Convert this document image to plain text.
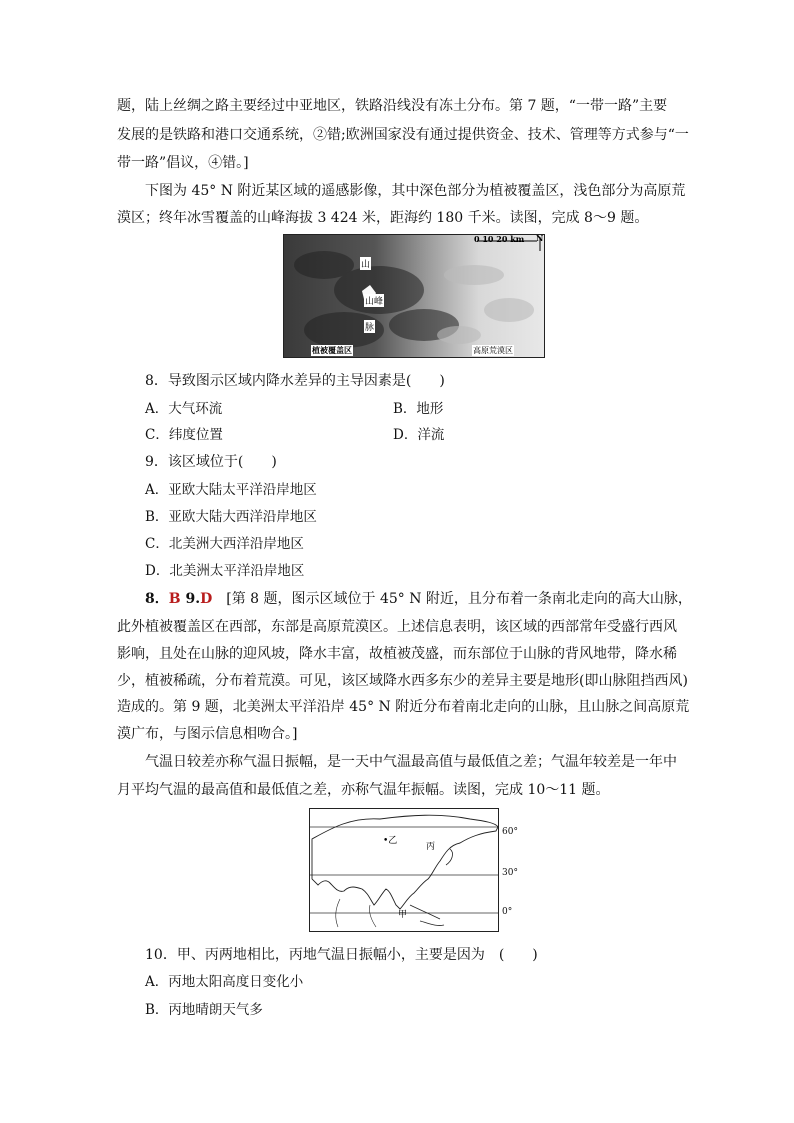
题，陆上丝绸之路主要经过中亚地区，铁路沿线没有冻土分布。第 7 题，“一带一路”主要
发展的是铁路和港口交通系统，②错;欧洲国家没有通过提供资金、技术、管理等方式参与“一
带一路”倡议，④错。]
下图为 45° N 附近某区域的遥感影像，其中深色部分为植被覆盖区，浅色部分为高原荒
漠区；终年冰雪覆盖的山峰海拔 3 424 米，距海约 180 千米。读图，完成 8～9 题。
0 10 20 km N
山
山峰
脉
植被覆盖区	高原荒漠区
8．导致图示区域内降水差异的主导因素是(　　)
A．大气环流	B．地形
C．纬度位置	D．洋流
9．该区域位于(　　)
A．亚欧大陆太平洋沿岸地区
B．亚欧大陆大西洋沿岸地区
C．北美洲大西洋沿岸地区
D．北美洲太平洋沿岸地区
8．B 9.D　[第 8 题，图示区域位于 45° N 附近，且分布着一条南北走向的高大山脉，
此外植被覆盖区在西部，东部是高原荒漠区。上述信息表明，该区域的西部常年受盛行西风
影响，且处在山脉的迎风坡，降水丰富，故植被茂盛，而东部位于山脉的背风地带，降水稀
少，植被稀疏，分布着荒漠。可见，该区域降水西多东少的差异主要是地形(即山脉阻挡西风)
造成的。第 9 题，北美洲太平洋沿岸 45° N 附近分布着南北走向的山脉，且山脉之间高原荒
漠广布，与图示信息相吻合。]
气温日较差亦称气温日振幅，是一天中气温最高值与最低值之差；气温年较差是一年中
月平均气温的最高值和最低值之差，亦称气温年振幅。读图，完成 10～11 题。
•乙
丙
甲
60°
30°
0°
10．甲、丙两地相比，丙地气温日振幅小，主要是因为　(　　)
A．丙地太阳高度日变化小
B．丙地晴朗天气多
